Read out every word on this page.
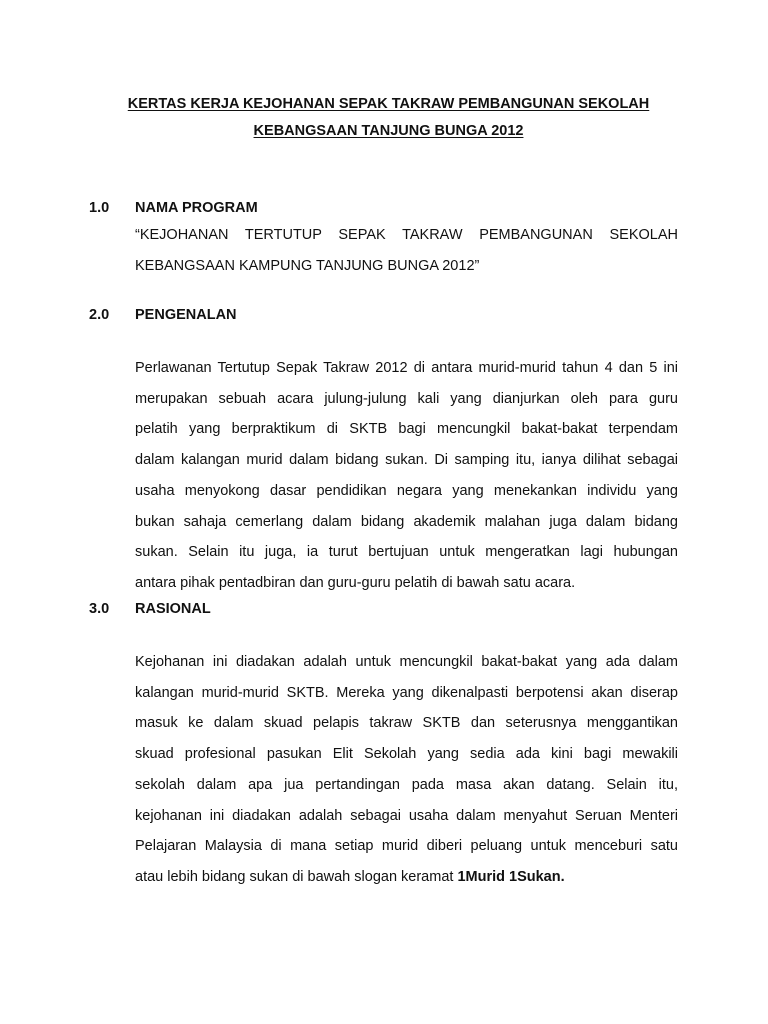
KERTAS KERJA KEJOHANAN SEPAK TAKRAW PEMBANGUNAN SEKOLAH
KEBANGSAAN TANJUNG BUNGA 2012
1.0 NAMA PROGRAM
“KEJOHANAN TERTUTUP SEPAK TAKRAW PEMBANGUNAN SEKOLAH
KEBANGSAAN KAMPUNG TANJUNG BUNGA 2012”
2.0 PENGENALAN
Perlawanan Tertutup Sepak Takraw 2012 di antara murid-murid tahun 4 dan 5 ini
merupakan sebuah acara julung-julung kali yang dianjurkan oleh para guru
pelatih yang berpraktikum di SKTB bagi mencungkil bakat-bakat terpendam
dalam kalangan murid dalam bidang sukan. Di samping itu, ianya dilihat sebagai
usaha menyokong dasar pendidikan negara yang menekankan individu yang
bukan sahaja cemerlang dalam bidang akademik malahan juga dalam bidang
sukan. Selain itu juga, ia turut bertujuan untuk mengeratkan lagi hubungan
antara pihak pentadbiran dan guru-guru pelatih di bawah satu acara.
3.0 RASIONAL
Kejohanan ini diadakan adalah untuk mencungkil bakat-bakat yang ada dalam
kalangan murid-murid SKTB. Mereka yang dikenalpasti berpotensi akan diserap
masuk ke dalam skuad pelapis takraw SKTB dan seterusnya menggantikan
skuad profesional pasukan Elit Sekolah yang sedia ada kini bagi mewakili
sekolah dalam apa jua pertandingan pada masa akan datang. Selain itu,
kejohanan ini diadakan adalah sebagai usaha dalam menyahut Seruan Menteri
Pelajaran Malaysia di mana setiap murid diberi peluang untuk menceburi satu
atau lebih bidang sukan di bawah slogan keramat 1Murid 1Sukan.
